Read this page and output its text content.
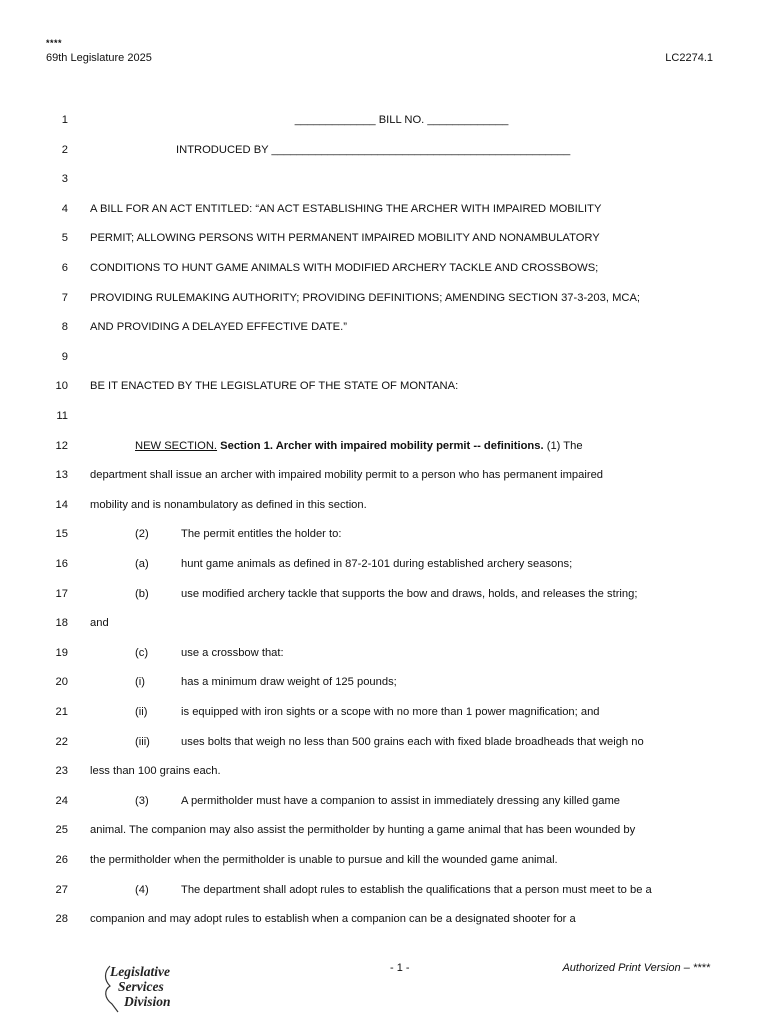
****
69th Legislature 2025	LC2274.1
1	_____________ BILL NO. _____________
2	INTRODUCED BY ________________________________________________
3
4 A BILL FOR AN ACT ENTITLED: “AN ACT ESTABLISHING THE ARCHER WITH IMPAIRED MOBILITY
5 PERMIT; ALLOWING PERSONS WITH PERMANENT IMPAIRED MOBILITY AND NONAMBULATORY
6 CONDITIONS TO HUNT GAME ANIMALS WITH MODIFIED ARCHERY TACKLE AND CROSSBOWS;
7 PROVIDING RULEMAKING AUTHORITY; PROVIDING DEFINITIONS; AMENDING SECTION 37-3-203, MCA;
8 AND PROVIDING A DELAYED EFFECTIVE DATE.”
9
10 BE IT ENACTED BY THE LEGISLATURE OF THE STATE OF MONTANA:
11
12	NEW SECTION. Section 1. Archer with impaired mobility permit -- definitions. (1) The
13 department shall issue an archer with impaired mobility permit to a person who has permanent impaired
14 mobility and is nonambulatory as defined in this section.
15	(2)	The permit entitles the holder to:
16	(a)	hunt game animals as defined in 87-2-101 during established archery seasons;
17	(b)	use modified archery tackle that supports the bow and draws, holds, and releases the string;
18 and
19	(c)	use a crossbow that:
20	(i)	has a minimum draw weight of 125 pounds;
21	(ii)	is equipped with iron sights or a scope with no more than 1 power magnification; and
22	(iii)	uses bolts that weigh no less than 500 grains each with fixed blade broadheads that weigh no
23 less than 100 grains each.
24	(3)	A permitholder must have a companion to assist in immediately dressing any killed game
25 animal. The companion may also assist the permitholder by hunting a game animal that has been wounded by
26 the permitholder when the permitholder is unable to pursue and kill the wounded game animal.
27	(4)	The department shall adopt rules to establish the qualifications that a person must meet to be a
28 companion and may adopt rules to establish when a companion can be a designated shooter for a
- 1 -	Authorized Print Version – ****
Legislative
Services
Division
